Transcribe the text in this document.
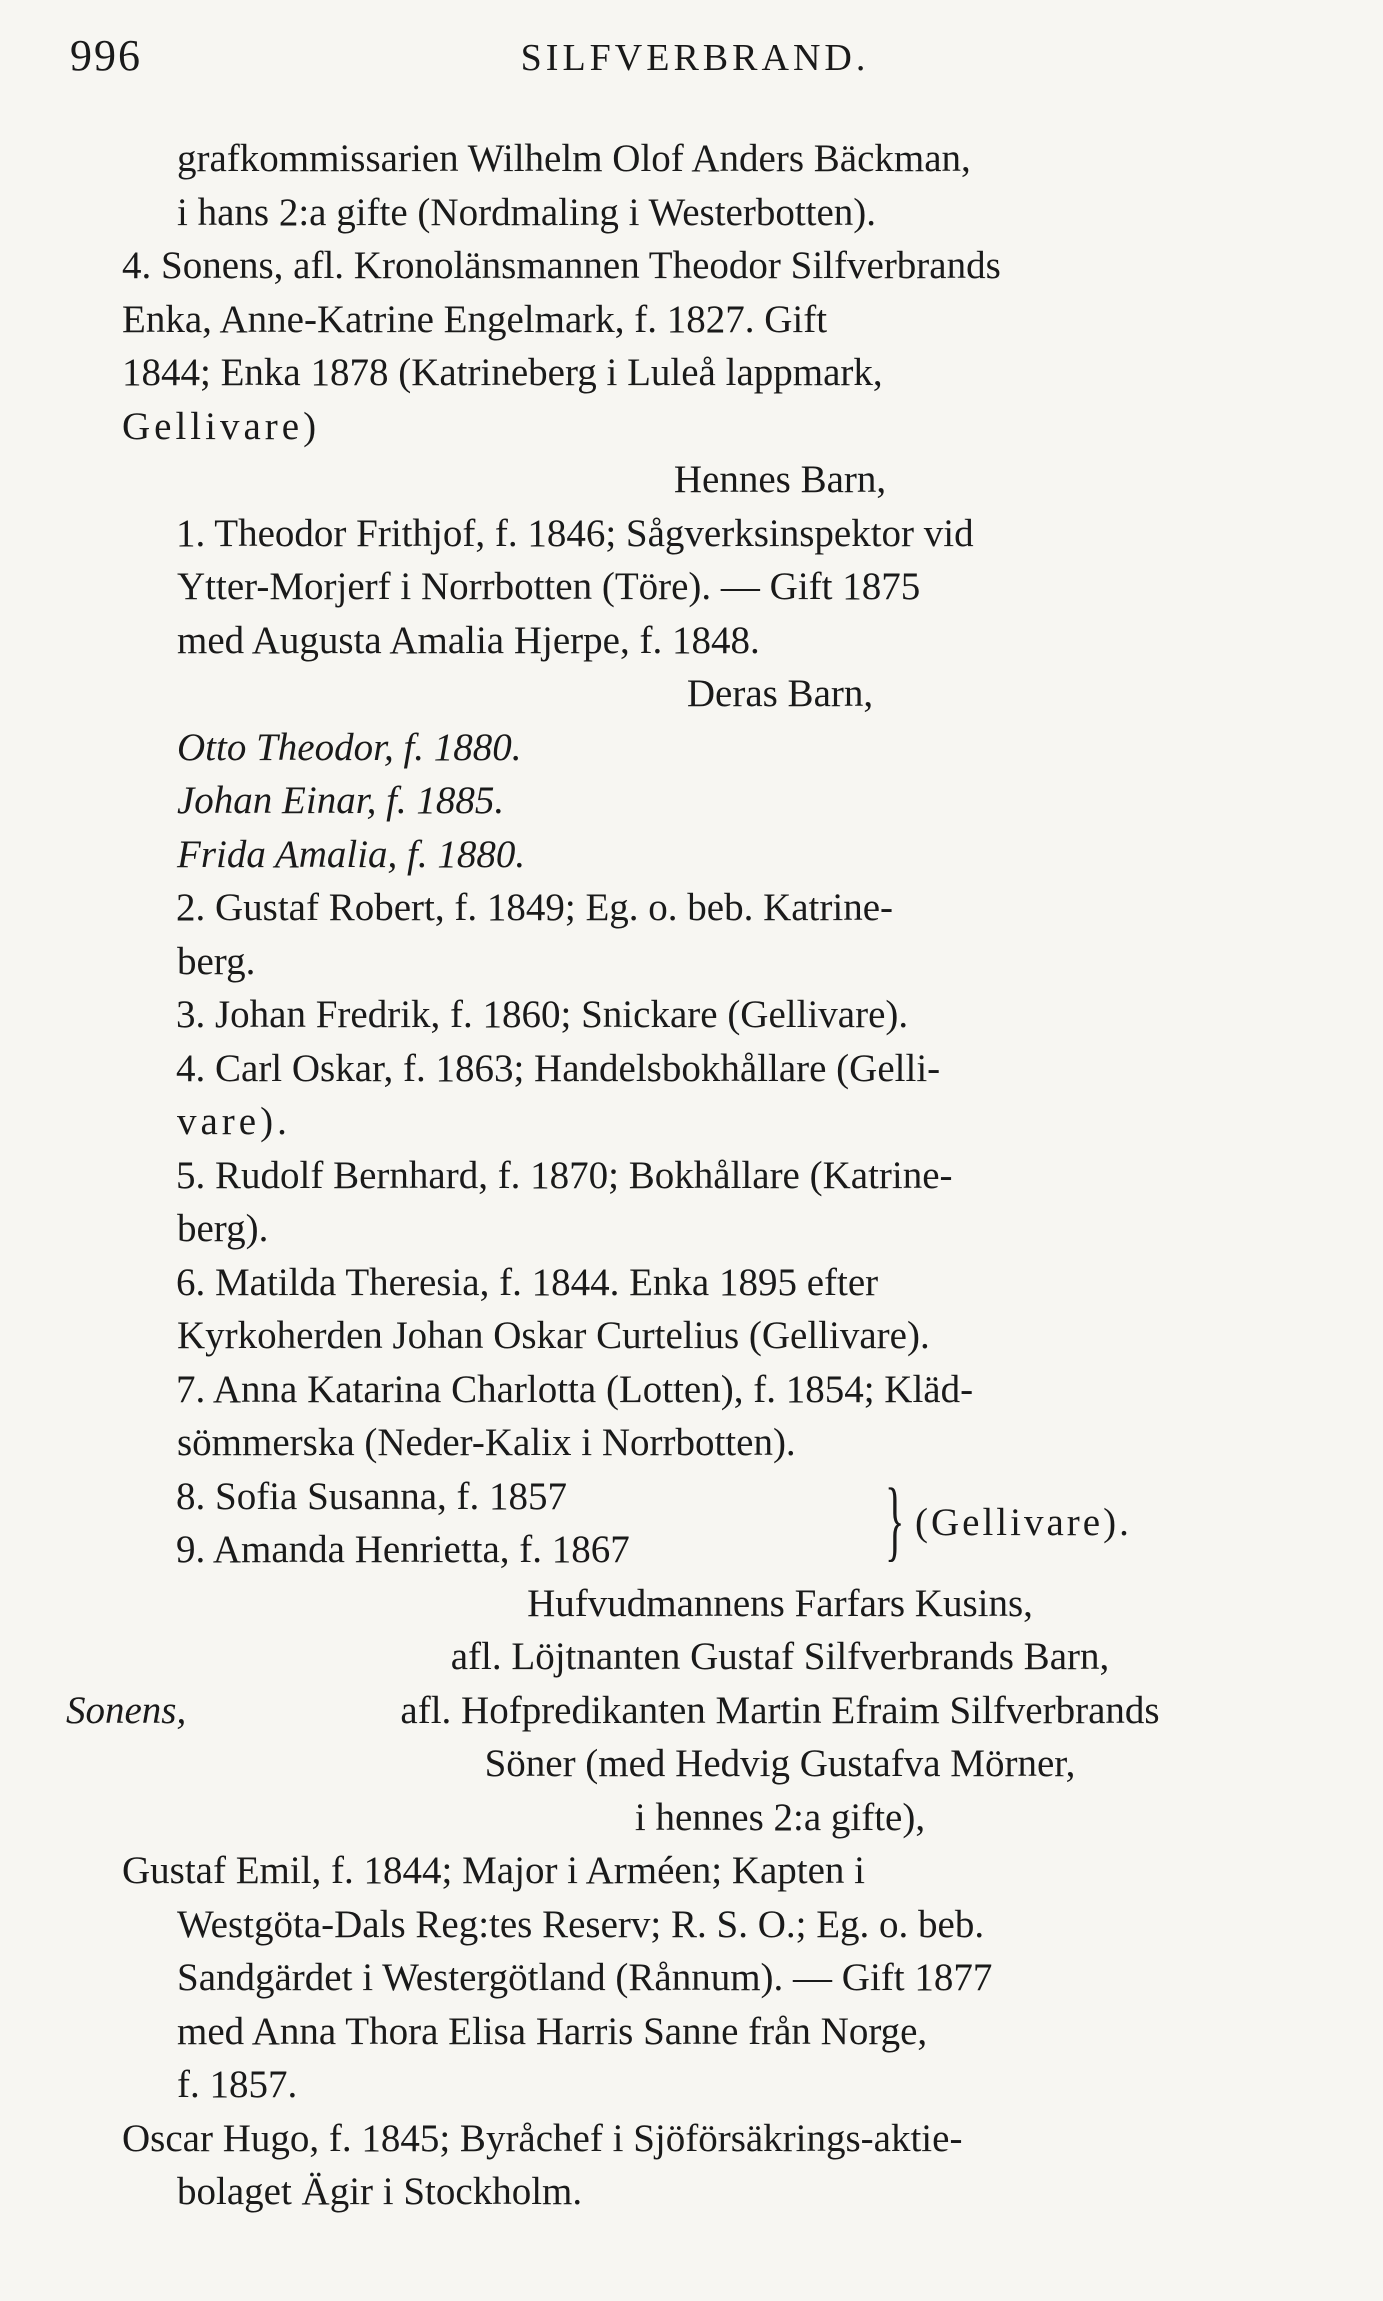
996	SILFVERBRAND.
grafkommissarien Wilhelm Olof Anders Bäckman,
i hans 2:a gifte (Nordmaling i Westerbotten).
4. Sonens, afl. Kronolänsmannen Theodor Silfverbrands
Enka, Anne-Katrine Engelmark, f. 1827. Gift
1844; Enka 1878 (Katrineberg i Luleå lappmark,
Gellivare)
Hennes Barn,
1. Theodor Frithjof, f. 1846; Sågverksinspektor vid
Ytter-Morjerf i Norrbotten (Töre). — Gift 1875
med Augusta Amalia Hjerpe, f. 1848.
Deras Barn,
Otto Theodor, f. 1880.
Johan Einar, f. 1885.
Frida Amalia, f. 1880.
2. Gustaf Robert, f. 1849; Eg. o. beb. Katrine-
berg.
3. Johan Fredrik, f. 1860; Snickare (Gellivare).
4. Carl Oskar, f. 1863; Handelsbokhållare (Gelli-
vare).
5. Rudolf Bernhard, f. 1870; Bokhållare (Katrine-
berg).
6. Matilda Theresia, f. 1844. Enka 1895 efter
Kyrkoherden Johan Oskar Curtelius (Gellivare).
7. Anna Katarina Charlotta (Lotten), f. 1854; Kläd-
sömmerska (Neder-Kalix i Norrbotten).
8. Sofia Susanna, f. 1857
9. Amanda Henrietta, f. 1867	} (Gellivare).
Hufvudmannens Farfars Kusins,
afl. Löjtnanten Gustaf Silfverbrands Barn,
Sonens,	afl. Hofpredikanten Martin Efraim Silfverbrands
Söner (med Hedvig Gustafva Mörner,
i hennes 2:a gifte),
Gustaf Emil, f. 1844; Major i Arméen; Kapten i
Westgöta-Dals Reg:tes Reserv; R. S. O.; Eg. o. beb.
Sandgärdet i Westergötland (Rånnum). — Gift 1877
med Anna Thora Elisa Harris Sanne från Norge,
f. 1857.
Oscar Hugo, f. 1845; Byråchef i Sjöförsäkrings-aktie-
bolaget Ägir i Stockholm.
